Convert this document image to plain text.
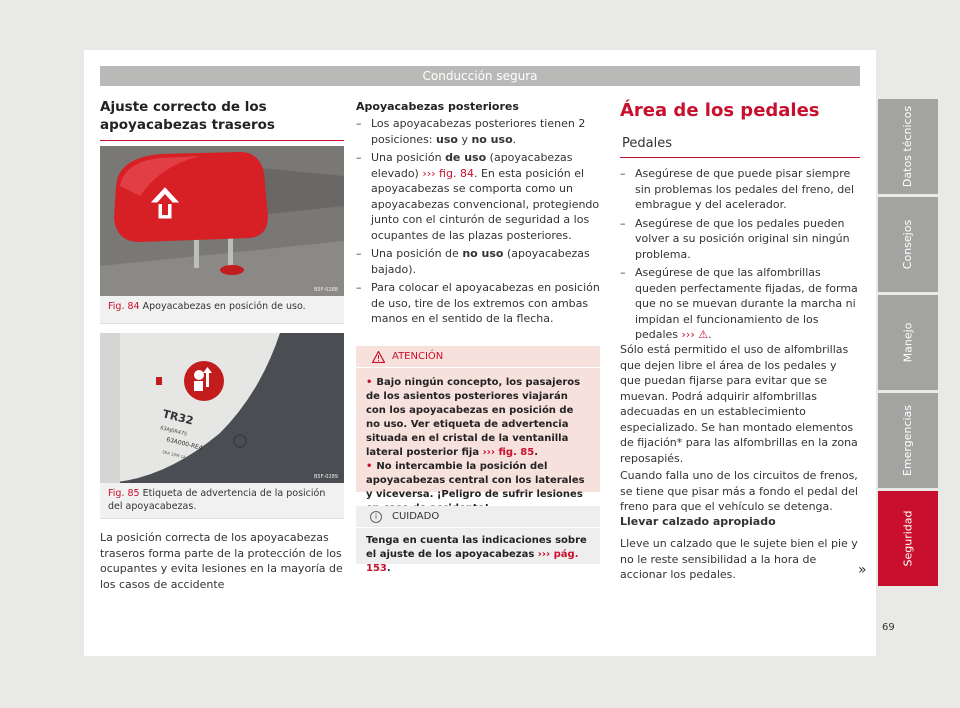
Conducción segura
Ajuste correcto de los apoyacabezas traseros
B5F-0288
Fig. 84 Apoyacabezas en posición de uso.
TR32
63AJ0R475
63A000-RE4
SEA 10M 1AA 00
E
B5F-0289
Fig. 85 Etiqueta de advertencia de la posición del apoyacabezas.

La posición correcta de los apoyacabezas traseros forma parte de la protección de los ocupantes y evita lesiones en la mayoría de los casos de accidente

Apoyacabezas posteriores
– Los apoyacabezas posteriores tienen 2 posiciones: uso y no uso.
– Una posición de uso (apoyacabezas elevado) ››› fig. 84. En esta posición el apoyacabezas se comporta como un apoyacabezas convencional, protegiendo junto con el cinturón de seguridad a los ocupantes de las plazas posteriores.
– Una posición de no uso (apoyacabezas bajado).
– Para colocar el apoyacabezas en posición de uso, tire de los extremos con ambas manos en el sentido de la flecha.
ATENCIÓN

• Bajo ningún concepto, los pasajeros de los asientos posteriores viajarán con los apoyacabezas en posición de no uso. Ver etiqueta de advertencia situada en el cristal de la ventanilla lateral posterior fija ››› fig. 85.

• No intercambie la posición del apoyacabezas central con los laterales y viceversa. ¡Peligro de sufrir lesiones

i	CUIDADO
Tenga en cuenta las indicaciones sobre el ajuste de los apoyacabezas ››› pág. 153.
Área de los pedales
Pedales
– Asegúrese de que puede pisar siempre sin problemas los pedales del freno, del embrague y del acelerador.
– Asegúrese de que los pedales pueden volver a su posición original sin ningún problema.
– Asegúrese de que las alfombrillas queden perfectamente fijadas, de forma que no se muevan durante la marcha ni impidan el funcionamiento de los pedales ››› ⚠.

Sólo está permitido el uso de alfombrillas que dejen libre el área de los pedales y que puedan fijarse para evitar que se muevan. Podrá adquirir alfombrillas adecuadas en un establecimiento especializado. Se han montado elementos de fijación* para las alfombrillas en la zona reposapiés.

Cuando falla uno de los circuitos de frenos, se tiene que pisar más a fondo el pedal del freno para que el vehículo se detenga.

Llevar calzado apropiado

Lleve un calzado que le sujete bien el pie y no le reste sensibilidad a la hora de accionar los pedales.	»
Datos técnicos
Consejos
Manejo
Emergencias
Seguridad
69
